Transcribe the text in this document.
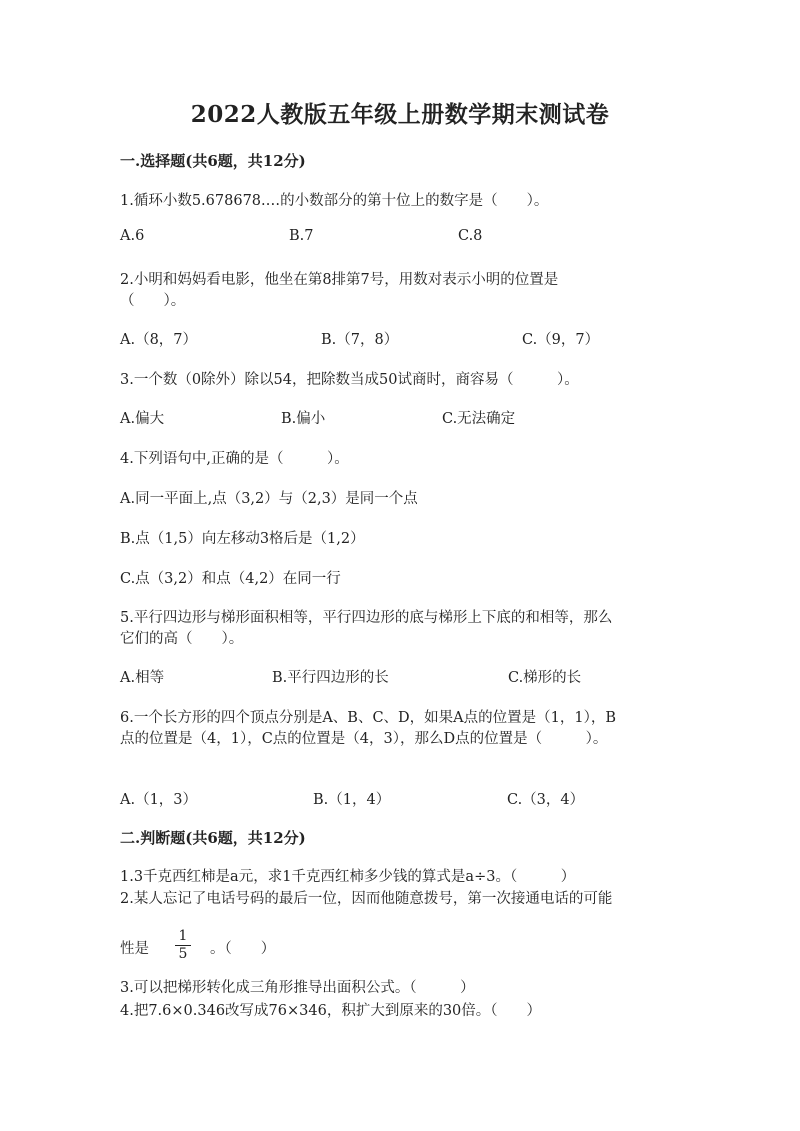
2022人教版五年级上册数学期末测试卷
一.选择题(共6题，共12分)
1.循环小数5.678678.…的小数部分的第十位上的数字是（　　）。
A.6	B.7	C.8
2.小明和妈妈看电影，他坐在第8排第7号，用数对表示小明的位置是
（　　）。
A.（8，7）	B.（7，8）	C.（9，7）
3.一个数（0除外）除以54，把除数当成50试商时，商容易（　　　）。
A.偏大	B.偏小	C.无法确定
4.下列语句中,正确的是（　　　）。
A.同一平面上,点（3,2）与（2,3）是同一个点
B.点（1,5）向左移动3格后是（1,2）
C.点（3,2）和点（4,2）在同一行
5.平行四边形与梯形面积相等，平行四边形的底与梯形上下底的和相等，那么
它们的高（　　）。
A.相等	B.平行四边形的长	C.梯形的长
6.一个长方形的四个顶点分别是A、B、C、D，如果A点的位置是（1，1），B
点的位置是（4，1），C点的位置是（4，3），那么D点的位置是（　　　）。
A.（1，3）	B.（1，4）	C.（3，4）
二.判断题(共6题，共12分)
1.3千克西红柿是a元，求1千克西红柿多少钱的算式是a÷3。（　　　）
2.某人忘记了电话号码的最后一位，因而他随意拨号，第一次接通电话的可能
性是
1
5 。（　　）
3.可以把梯形转化成三角形推导出面积公式。（　　　）
4.把7.6×0.346改写成76×346，积扩大到原来的30倍。（　　）
